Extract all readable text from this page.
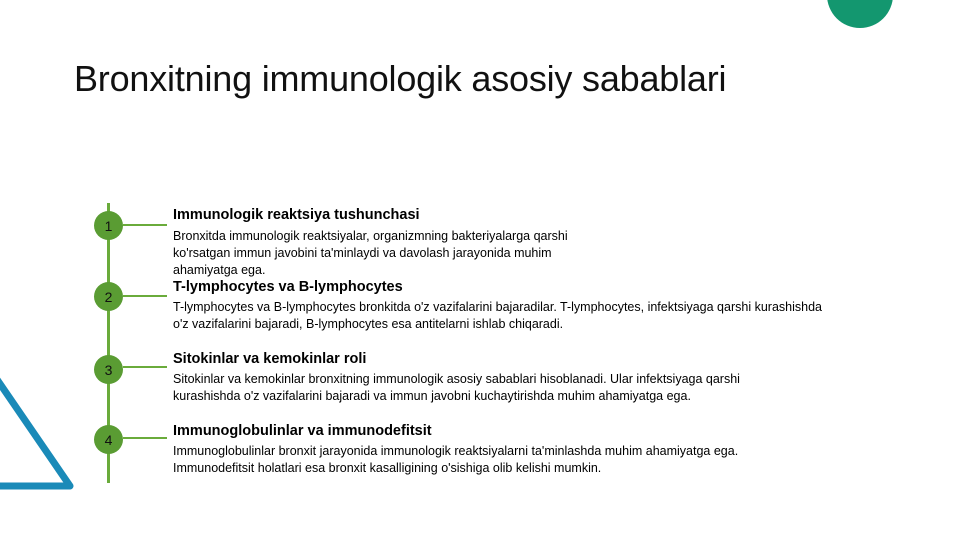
Bronxitning immunologik asosiy sabablari
1
Immunologik reaktsiya tushunchasi
Bronxitda immunologik reaktsiyalar, organizmning bakteriyalarga qarshi ko'rsatgan immun javobini ta'minlaydi va davolash jarayonida muhim ahamiyatga ega.
2
T-lymphocytes va B-lymphocytes
T-lymphocytes va B-lymphocytes bronkitda o'z vazifalarini bajaradilar. T-lymphocytes, infektsiyaga qarshi kurashishda o'z vazifalarini bajaradi, B-lymphocytes esa antitelarni ishlab chiqaradi.
3
Sitokinlar va kemokinlar roli
Sitokinlar va kemokinlar bronxitning immunologik asosiy sabablari hisoblanadi. Ular infektsiyaga qarshi kurashishda o'z vazifalarini bajaradi va immun javobni kuchaytirishda muhim ahamiyatga ega.
4
Immunoglobulinlar va immunodefitsit
Immunoglobulinlar bronxit jarayonida immunologik reaktsiyalarni ta'minlashda muhim ahamiyatga ega. Immunodefitsit holatlari esa bronxit kasalligining o'sishiga olib kelishi mumkin.
